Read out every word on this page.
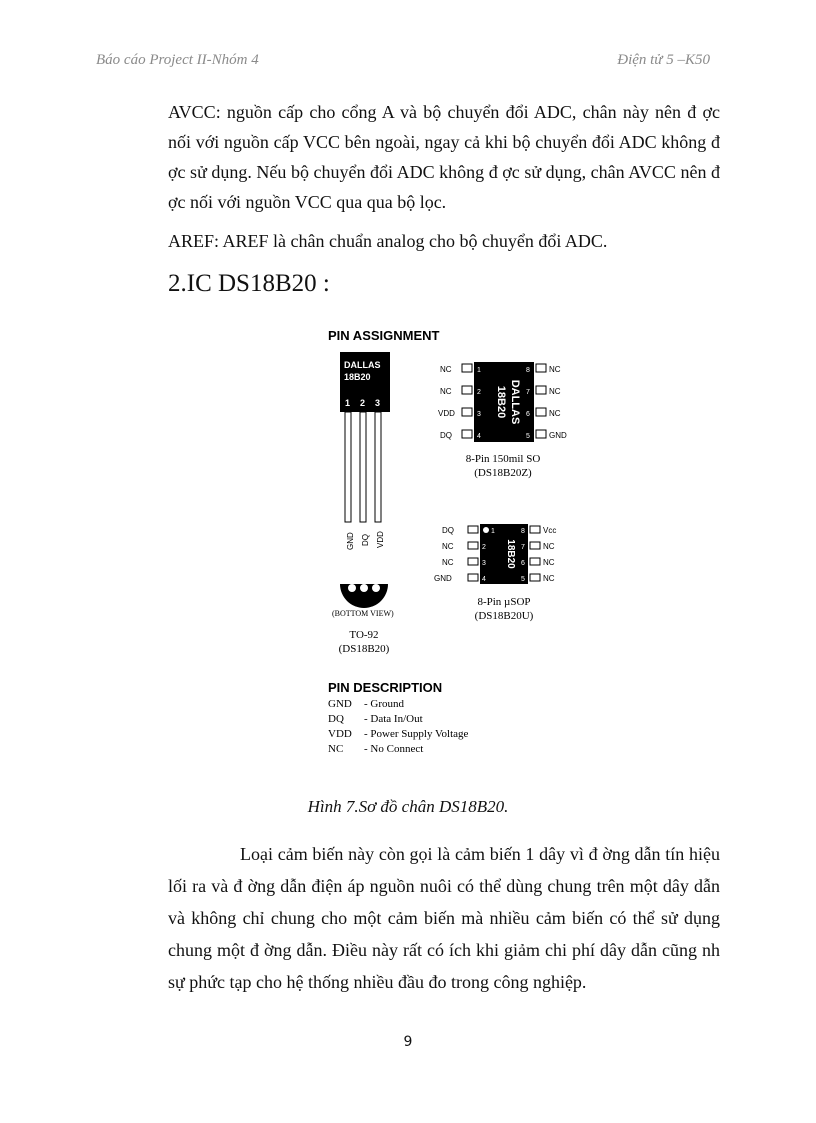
Báo cáo Project II-Nhóm 4	Điện tử 5 –K50

AVCC: nguồn cấp cho cổng A và bộ chuyển đổi ADC, chân này nên đ ợc nối với nguồn cấp VCC bên ngoài, ngay cả khi bộ chuyển đổi ADC không đ ợc sử dụng. Nếu bộ chuyển đổi ADC không đ ợc sử dụng, chân AVCC nên đ ợc nối với nguồn VCC qua qua bộ lọc.

AREF: AREF là chân chuẩn analog cho bộ chuyển đổi ADC.

2.IC DS18B20 :
PIN ASSIGNMENT
DALLAS
18B20
1 2 3
GND DQ VDD
(BOTTOM VIEW)
TO-92
(DS18B20)
DALLAS
18B20
NC
NC
VDD
DQ
1
2
3
4
8
7
6
5
NC
NC
NC
GND
8-Pin 150mil SO
(DS18B20Z)
18B20
DQ
NC
NC
GND
2
3
4
1	8
7
6
5
Vcc
NC
NC
NC
8-Pin µSOP
(DS18B20U)
PIN DESCRIPTION
GND - Ground
DQ - Data In/Out
VDD - Power Supply Voltage
NC - No Connect
Hình 7.Sơ đồ chân DS18B20.

Loại cảm biến này còn gọi là cảm biến 1 dây vì đ ờng dẫn tín hiệu lối ra và đ ờng dẫn điện áp nguồn nuôi có thể dùng chung trên một dây dẫn và không chỉ chung cho một cảm biến mà nhiều cảm biến có thể sử dụng chung một đ ờng dẫn. Điều này rất có ích khi giảm chi phí dây dẫn cũng nh sự phức tạp cho hệ thống nhiều đầu đo trong công nghiệp.

9
